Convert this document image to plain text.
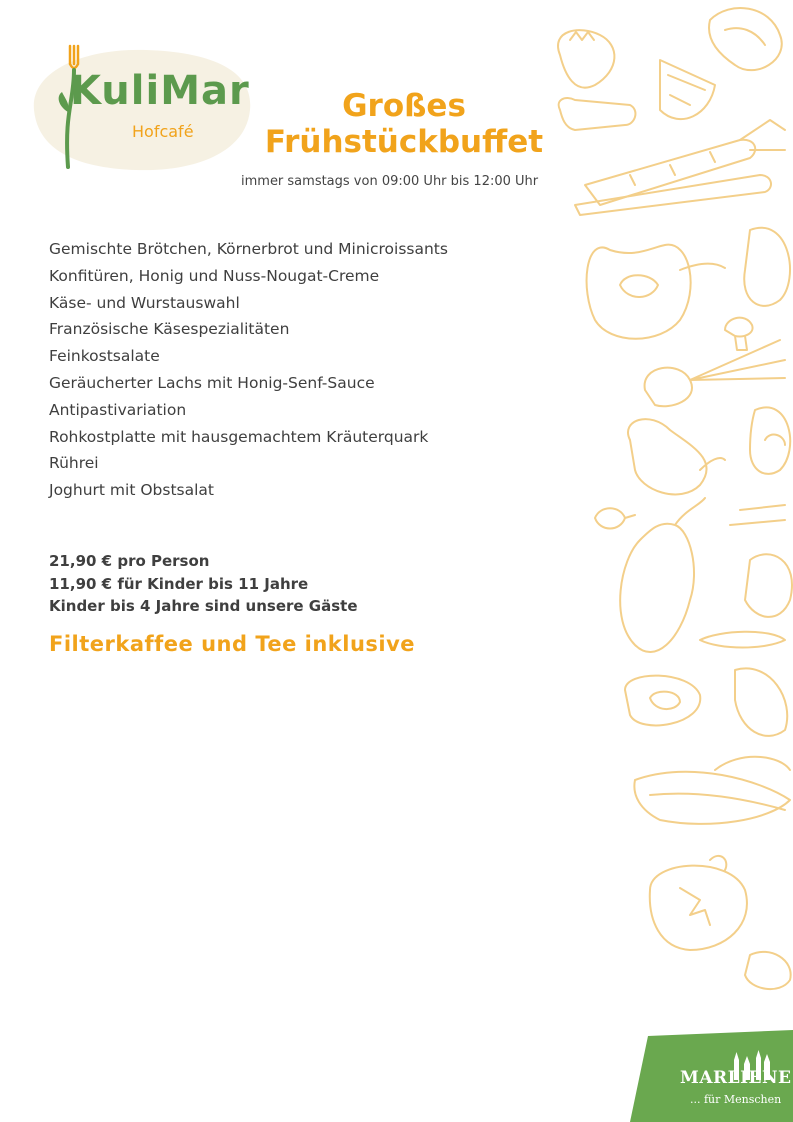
KuliMar
Hofcafé
Großes
Frühstückbuffet
immer samstags von 09:00 Uhr bis 12:00 Uhr
Gemischte Brötchen, Körnerbrot und Minicroissants
Konfitüren, Honig und Nuss-Nougat-Creme
Käse- und Wurstauswahl
Französische Käsespezialitäten
Feinkostsalate
Geräucherter Lachs mit Honig-Senf-Sauce
Antipastivariation
Rohkostplatte mit hausgemachtem Kräuterquark
Rührei
Joghurt mit Obstsalat
21,90 € pro Person
11,90 € für Kinder bis 11 Jahre
Kinder bis 4 Jahre sind unsere Gäste
Filterkaffee und Tee inklusive
MARLIENE
... für Menschen
